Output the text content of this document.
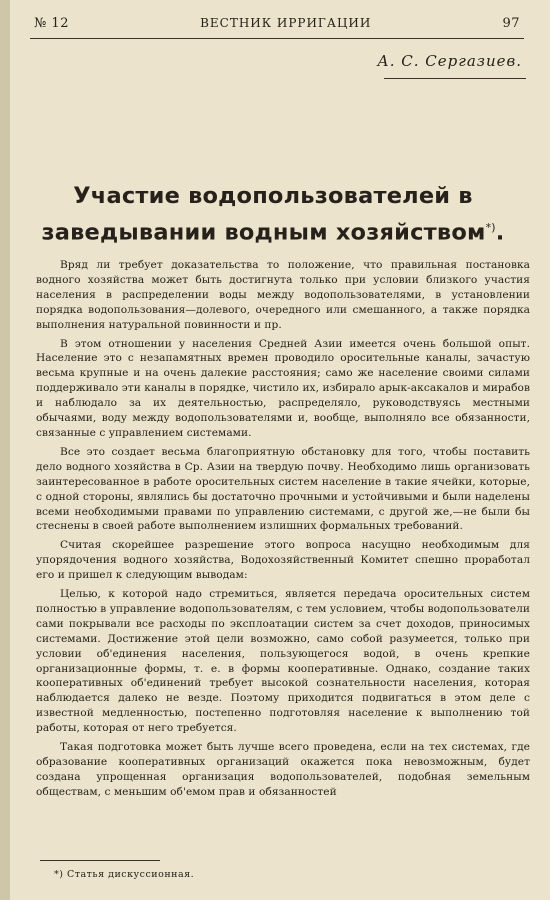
№ 12	ВЕСТНИК ИРРИГАЦИИ	97
А. С. Сергазиев.
Участие водопользователей в заведывании водным хозяйством*).

Вряд ли требует доказательства то положение, что правильная постановка водного хозяйства может быть достигнута только при условии близкого участия населения в распределении воды между водопользователями, в установлении порядка водопользования—долевого, очередного или смешанного, а также порядка выполнения натуральной повинности и пр.

В этом отношении у населения Средней Азии имеется очень большой опыт. Население это с незапамятных времен проводило оросительные каналы, зачастую весьма крупные и на очень далекие расстояния; само же население своими силами поддерживало эти каналы в порядке, чистило их, избирало арык-аксакалов и мирабов и наблюдало за их деятельностью, распределяло, руководствуясь местными обычаями, воду между водопользователями и, вообще, выполняло все обязанности, связанные с управлением системами.

Все это создает весьма благоприятную обстановку для того, чтобы поставить дело водного хозяйства в Ср. Азии на твердую почву. Необходимо лишь организовать заинтересованное в работе оросительных систем население в такие ячейки, которые, с одной стороны, являлись бы достаточно прочными и устойчивыми и были наделены всеми необходимыми правами по управлению системами, с другой же,—не были бы стеснены в своей работе выполнением излишних формальных требований.

Считая скорейшее разрешение этого вопроса насущно необходимым для упорядочения водного хозяйства, Водохозяйственный Комитет спешно проработал его и пришел к следующим выводам:

Целью, к которой надо стремиться, является передача оросительных систем полностью в управление водопользователям, с тем условием, чтобы водопользователи сами покрывали все расходы по эксплоатации систем за счет доходов, приносимых системами. Достижение этой цели возможно, само собой разумеется, только при условии об'единения населения, пользующегося водой, в очень крепкие организационные формы, т. е. в формы кооперативные. Однако, создание таких кооперативных об'единений требует высокой сознательности населения, которая наблюдается далеко не везде. Поэтому приходится подвигаться в этом деле с известной медленностью, постепенно подготовляя население к выполнению той работы, которая от него требуется.

Такая подготовка может быть лучше всего проведена, если на тех системах, где образование кооперативных организаций окажется пока невозможным, будет создана упрощенная организация водопользователей, подобная земельным обществам, с меньшим об'емом прав и обязанностей

*) Статья дискуссионная.
